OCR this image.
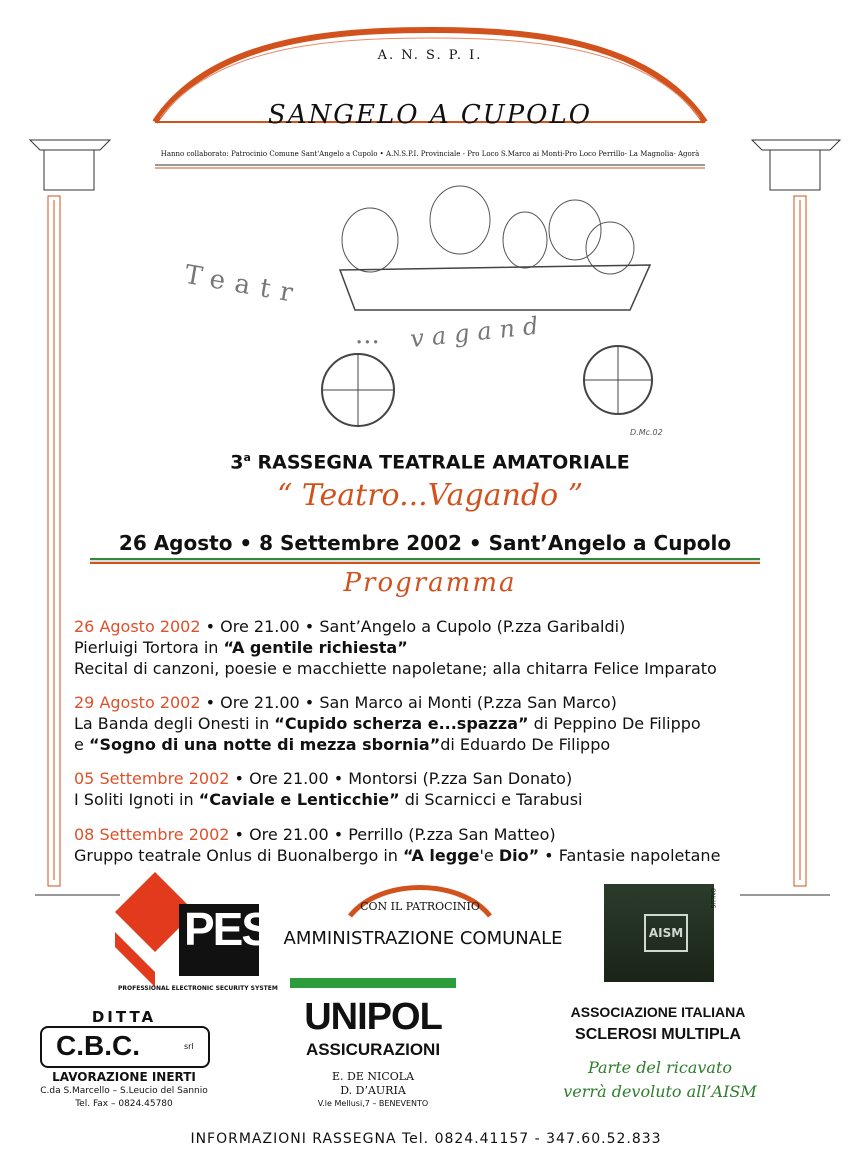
A. N. S. P. I.
SANGELO A CUPOLO
Hanno collaborato: Patrocinio Comune Sant'Angelo a Cupolo • A.N.S.P.I. Provinciale - Pro Loco S.Marco ai Monti-Pro Loco Perrillo- La Magnolia- Agorà
Teatr
... vagand
D.Mc.02
3$^a$ RASSEGNA TEATRALE AMATORIALE
“ Teatro...Vagando ”
26 Agosto • 8 Settembre 2002 • Sant’Angelo a Cupolo
Programma
26 Agosto 2002 • Ore 21.00 • Sant’Angelo a Cupolo (P.zza Garibaldi)
Pierluigi Tortora in “A gentile richiesta”
Recital di canzoni, poesie e macchiette napoletane; alla chitarra Felice Imparato
29 Agosto 2002 • Ore 21.00 • San Marco ai Monti (P.zza San Marco)
La Banda degli Onesti in “Cupido scherza e...spazza” di Peppino De Filippo
e “Sogno di una notte di mezza sbornia”di Eduardo De Filippo
05 Settembre 2002 • Ore 21.00 • Montorsi (P.zza San Donato)
I Soliti Ignoti in “Caviale e Lenticchie” di Scarnicci e Tarabusi
08 Settembre 2002 • Ore 21.00 • Perrillo (P.zza San Matteo)
Gruppo teatrale Onlus di Buonalbergo in “A legge'e Dio” • Fantasie napoletane
PESS
PROFESSIONAL ELECTRONIC SECURITY SYSTEM
CON IL PATROCINIO
AMMINISTRAZIONE COMUNALE	AISM
ONLUS
DITTA
C.B.C.	srl
LAVORAZIONE INERTI
C.da S.Marcello – S.Leucio del Sannio
Tel. Fax – 0824.45780
UNIPOL
ASSICURAZIONI
E. DE NICOLA
D. D’AURIA
V.le Mellusi,7 – BENEVENTO
ASSOCIAZIONE ITALIANA
SCLEROSI MULTIPLA
Parte del ricavato
verrà devoluto all’AISM
INFORMAZIONI RASSEGNA Tel. 0824.41157 - 347.60.52.833
